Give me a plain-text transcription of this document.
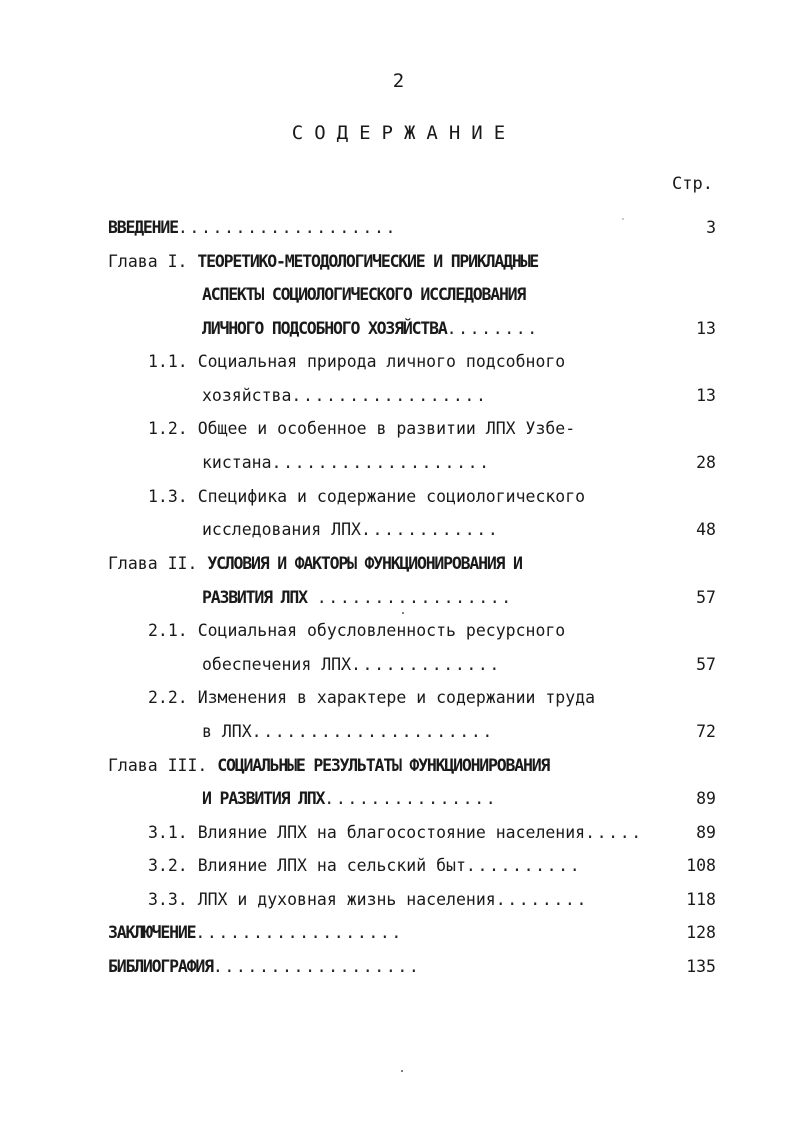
2
СОДЕРЖАНИЕ
Стр.
ВВЕДЕНИЕ...................	3
Глава I. ТЕОРЕТИКО-МЕТОДОЛОГИЧЕСКИЕ И ПРИКЛАДНЫЕ
АСПЕКТЫ СОЦИОЛОГИЧЕСКОГО ИССЛЕДОВАНИЯ
ЛИЧНОГО ПОДСОБНОГО ХОЗЯЙСТВА........	13
1.1. Социальная природа личного подсобного
хозяйства.................	13
1.2. Общее и особенное в развитии ЛПХ Узбе-
кистана...................	28
1.3. Специфика и содержание социологического
исследования ЛПХ............	48
Глава II. УСЛОВИЯ И ФАКТОРЫ ФУНКЦИОНИРОВАНИЯ И
РАЗВИТИЯ ЛПХ .................	57
2.1. Социальная обусловленность ресурсного
обеспечения ЛПХ.............	57
2.2. Изменения в характере и содержании труда
в ЛПХ.....................	72
Глава III. СОЦИАЛЬНЫЕ РЕЗУЛЬТАТЫ ФУНКЦИОНИРОВАНИЯ
И РАЗВИТИЯ ЛПХ...............	89
3.1. Влияние ЛПХ на благосостояние населения.....	89
3.2. Влияние ЛПХ на сельский быт..........	108
3.3. ЛПХ и духовная жизнь населения........	118
ЗАКЛЮЧЕНИЕ..................	128
БИБЛИОГРАФИЯ..................	135
